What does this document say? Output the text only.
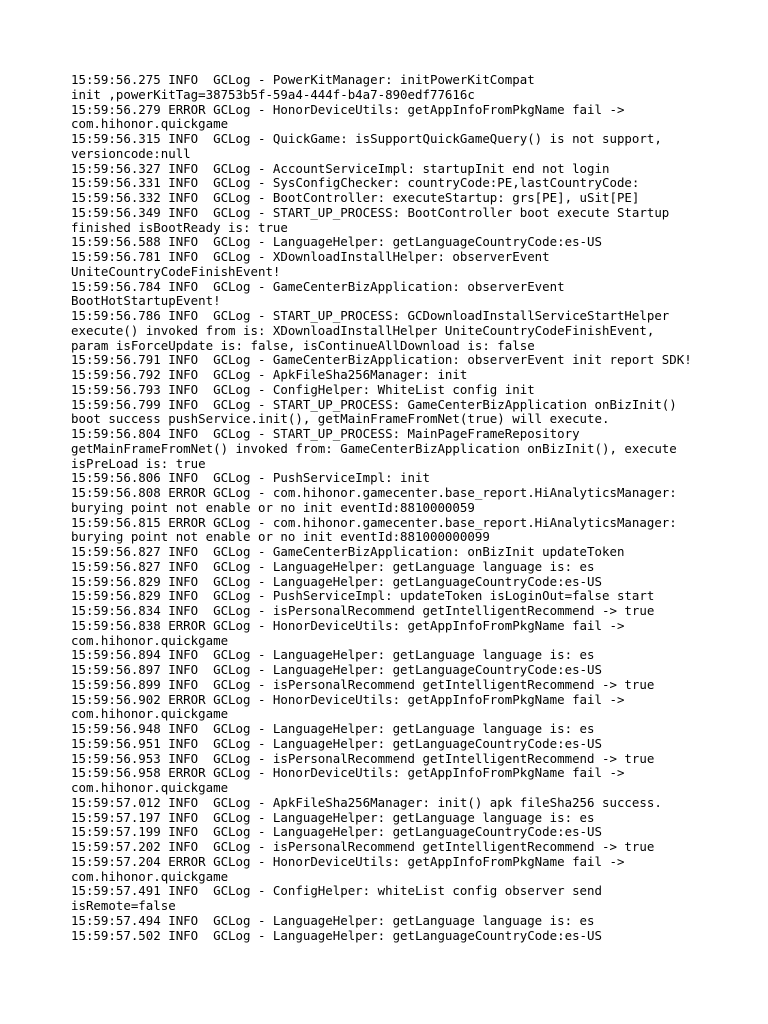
15:59:56.275 INFO  GCLog - PowerKitManager: initPowerKitCompat
init ,powerKitTag=38753b5f-59a4-444f-b4a7-890edf77616c
15:59:56.279 ERROR GCLog - HonorDeviceUtils: getAppInfoFromPkgName fail ->
com.hihonor.quickgame
15:59:56.315 INFO  GCLog - QuickGame: isSupportQuickGameQuery() is not support,
versioncode:null
15:59:56.327 INFO  GCLog - AccountServiceImpl: startupInit end not login
15:59:56.331 INFO  GCLog - SysConfigChecker: countryCode:PE,lastCountryCode:
15:59:56.332 INFO  GCLog - BootController: executeStartup: grs[PE], uSit[PE]
15:59:56.349 INFO  GCLog - START_UP_PROCESS: BootController boot execute Startup
finished isBootReady is: true
15:59:56.588 INFO  GCLog - LanguageHelper: getLanguageCountryCode:es-US
15:59:56.781 INFO  GCLog - XDownloadInstallHelper: observerEvent
UniteCountryCodeFinishEvent!
15:59:56.784 INFO  GCLog - GameCenterBizApplication: observerEvent
BootHotStartupEvent!
15:59:56.786 INFO  GCLog - START_UP_PROCESS: GCDownloadInstallServiceStartHelper
execute() invoked from is: XDownloadInstallHelper UniteCountryCodeFinishEvent,
param isForceUpdate is: false, isContinueAllDownload is: false
15:59:56.791 INFO  GCLog - GameCenterBizApplication: observerEvent init report SDK!
15:59:56.792 INFO  GCLog - ApkFileSha256Manager: init
15:59:56.793 INFO  GCLog - ConfigHelper: WhiteList config init
15:59:56.799 INFO  GCLog - START_UP_PROCESS: GameCenterBizApplication onBizInit()
boot success pushService.init(), getMainFrameFromNet(true) will execute.
15:59:56.804 INFO  GCLog - START_UP_PROCESS: MainPageFrameRepository
getMainFrameFromNet() invoked from: GameCenterBizApplication onBizInit(), execute
isPreLoad is: true
15:59:56.806 INFO  GCLog - PushServiceImpl: init
15:59:56.808 ERROR GCLog - com.hihonor.gamecenter.base_report.HiAnalyticsManager:
burying point not enable or no init eventId:8810000059
15:59:56.815 ERROR GCLog - com.hihonor.gamecenter.base_report.HiAnalyticsManager:
burying point not enable or no init eventId:881000000099
15:59:56.827 INFO  GCLog - GameCenterBizApplication: onBizInit updateToken
15:59:56.827 INFO  GCLog - LanguageHelper: getLanguage language is: es
15:59:56.829 INFO  GCLog - LanguageHelper: getLanguageCountryCode:es-US
15:59:56.829 INFO  GCLog - PushServiceImpl: updateToken isLoginOut=false start
15:59:56.834 INFO  GCLog - isPersonalRecommend getIntelligentRecommend -> true
15:59:56.838 ERROR GCLog - HonorDeviceUtils: getAppInfoFromPkgName fail ->
com.hihonor.quickgame
15:59:56.894 INFO  GCLog - LanguageHelper: getLanguage language is: es
15:59:56.897 INFO  GCLog - LanguageHelper: getLanguageCountryCode:es-US
15:59:56.899 INFO  GCLog - isPersonalRecommend getIntelligentRecommend -> true
15:59:56.902 ERROR GCLog - HonorDeviceUtils: getAppInfoFromPkgName fail ->
com.hihonor.quickgame
15:59:56.948 INFO  GCLog - LanguageHelper: getLanguage language is: es
15:59:56.951 INFO  GCLog - LanguageHelper: getLanguageCountryCode:es-US
15:59:56.953 INFO  GCLog - isPersonalRecommend getIntelligentRecommend -> true
15:59:56.958 ERROR GCLog - HonorDeviceUtils: getAppInfoFromPkgName fail ->
com.hihonor.quickgame
15:59:57.012 INFO  GCLog - ApkFileSha256Manager: init() apk fileSha256 success.
15:59:57.197 INFO  GCLog - LanguageHelper: getLanguage language is: es
15:59:57.199 INFO  GCLog - LanguageHelper: getLanguageCountryCode:es-US
15:59:57.202 INFO  GCLog - isPersonalRecommend getIntelligentRecommend -> true
15:59:57.204 ERROR GCLog - HonorDeviceUtils: getAppInfoFromPkgName fail ->
com.hihonor.quickgame
15:59:57.491 INFO  GCLog - ConfigHelper: whiteList config observer send
isRemote=false
15:59:57.494 INFO  GCLog - LanguageHelper: getLanguage language is: es
15:59:57.502 INFO  GCLog - LanguageHelper: getLanguageCountryCode:es-US
